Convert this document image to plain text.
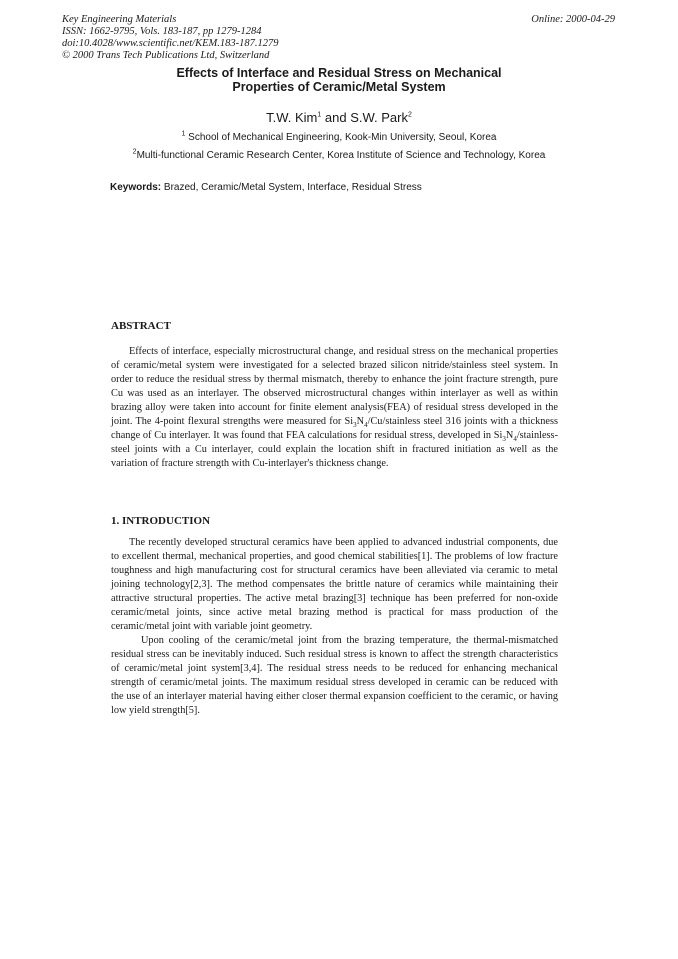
Key Engineering Materials
ISSN: 1662-9795, Vols. 183-187, pp 1279-1284
doi:10.4028/www.scientific.net/KEM.183-187.1279
© 2000 Trans Tech Publications Ltd, Switzerland
Online: 2000-04-29
Effects of Interface and Residual Stress on Mechanical
Properties of Ceramic/Metal System
T.W. Kim$^1$ and S.W. Park$^2$
$^1$ School of Mechanical Engineering, Kook-Min University, Seoul, Korea
$^2$Multi-functional Ceramic Research Center, Korea Institute of Science and Technology, Korea
Keywords: Brazed, Ceramic/Metal System, Interface, Residual Stress
ABSTRACT

Effects of interface, especially microstructural change, and residual stress on the mechanical properties of ceramic/metal system were investigated for a selected brazed silicon nitride/stainless steel system. In order to reduce the residual stress by thermal mismatch, thereby to enhance the joint fracture strength, pure Cu was used as an interlayer. The observed microstructural changes within interlayer as well as within brazing alloy were taken into account for finite element analysis(FEA) of residual stress developed in the joint. The 4-point flexural strengths were measured for $Si_3N_4/Cu$/stainless steel 316 joints with a thickness change of Cu interlayer. It was found that FEA calculations for residual stress, developed in $Si_3N_4/stainless$-steel joints with a Cu interlayer, could explain the location shift in fractured initiation as well as the variation of fracture strength with Cu-interlayer's thickness change.

1. INTRODUCTION

The recently developed structural ceramics have been applied to advanced industrial components, due to excellent thermal, mechanical properties, and good chemical stabilities[1]. The problems of low fracture toughness and high manufacturing cost for structural ceramics have been alleviated via ceramic to metal joining technology[2,3]. The method compensates the brittle nature of ceramics while maintaining their attractive structural properties. The active metal brazing[3] technique has been preferred for non-oxide ceramic/metal joints, since active metal brazing method is practical for mass production of the ceramic/metal joint with variable joint geometry.

Upon cooling of the ceramic/metal joint from the brazing temperature, the thermal-mismatched residual stress can be inevitably induced. Such residual stress is known to affect the strength characteristics of ceramic/metal joint system[3,4]. The residual stress needs to be reduced for enhancing mechanical strength of ceramic/metal joints. The maximum residual stress developed in ceramic can be reduced with the use of an interlayer material having either closer thermal expansion coefficient to the ceramic, or having low yield strength[5].
